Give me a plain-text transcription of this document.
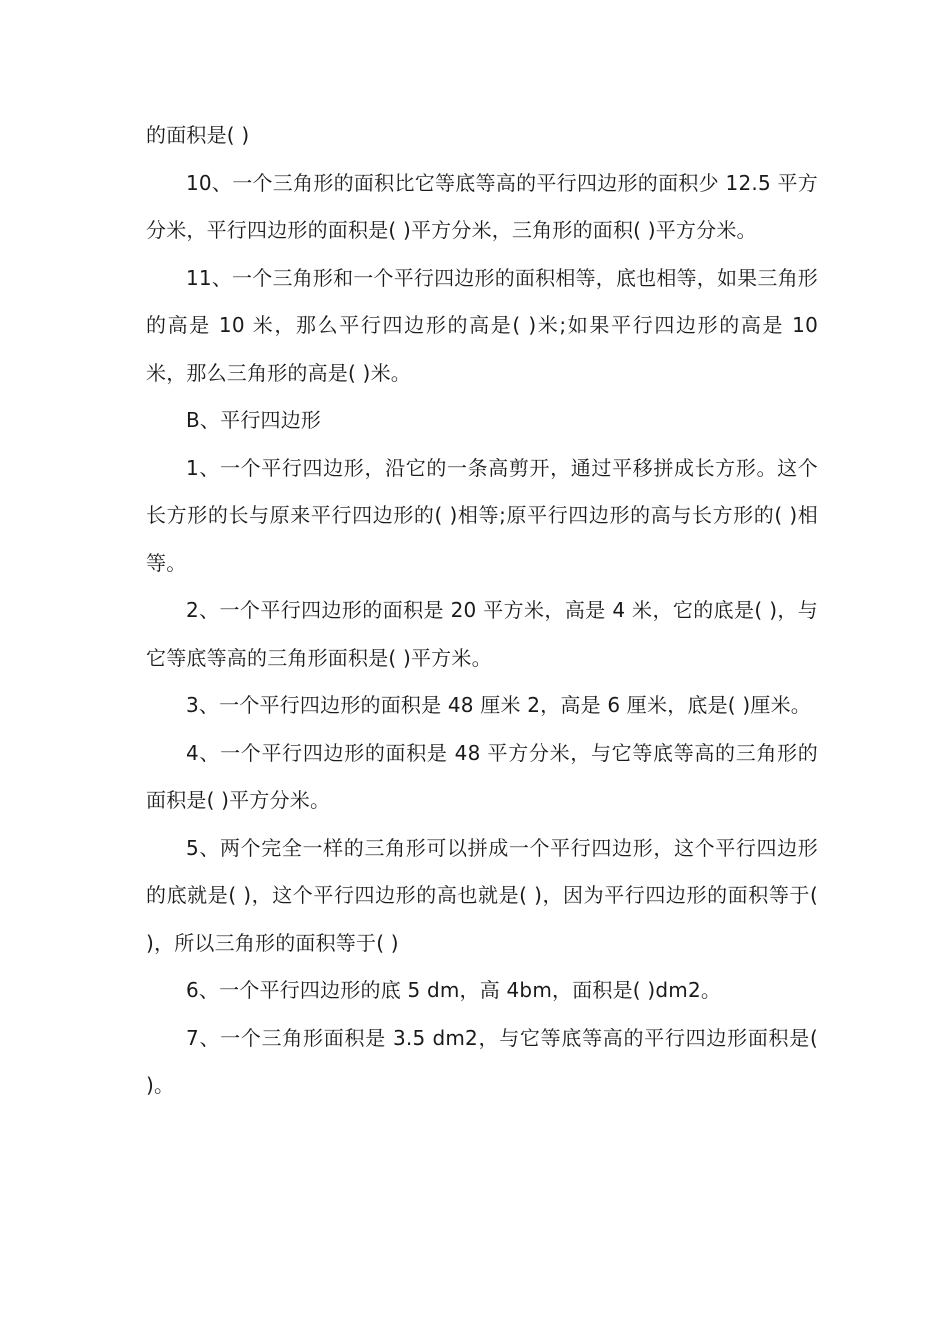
的面积是( )

10、一个三角形的面积比它等底等高的平行四边形的面积少 12.5 平方分米，平行四边形的面积是( )平方分米，三角形的面积( )平方分米。

11、一个三角形和一个平行四边形的面积相等，底也相等，如果三角形的高是 10 米，那么平行四边形的高是( )米;如果平行四边形的高是 10 米，那么三角形的高是( )米。

B、平行四边形

1、一个平行四边形，沿它的一条高剪开，通过平移拼成长方形。这个长方形的长与原来平行四边形的( )相等;原平行四边形的高与长方形的( )相等。

2、一个平行四边形的面积是 20 平方米，高是 4 米，它的底是( )，与它等底等高的三角形面积是( )平方米。

3、一个平行四边形的面积是 48 厘米 2，高是 6 厘米，底是( )厘米。

4、一个平行四边形的面积是 48 平方分米，与它等底等高的三角形的面积是( )平方分米。

5、两个完全一样的三角形可以拼成一个平行四边形，这个平行四边形的底就是( )，这个平行四边形的高也就是( )，因为平行四边形的面积等于( )，所以三角形的面积等于( )

6、一个平行四边形的底 5 dm，高 4bm，面积是( )dm2。

7、一个三角形面积是 3.5 dm2，与它等底等高的平行四边形面积是( )。
